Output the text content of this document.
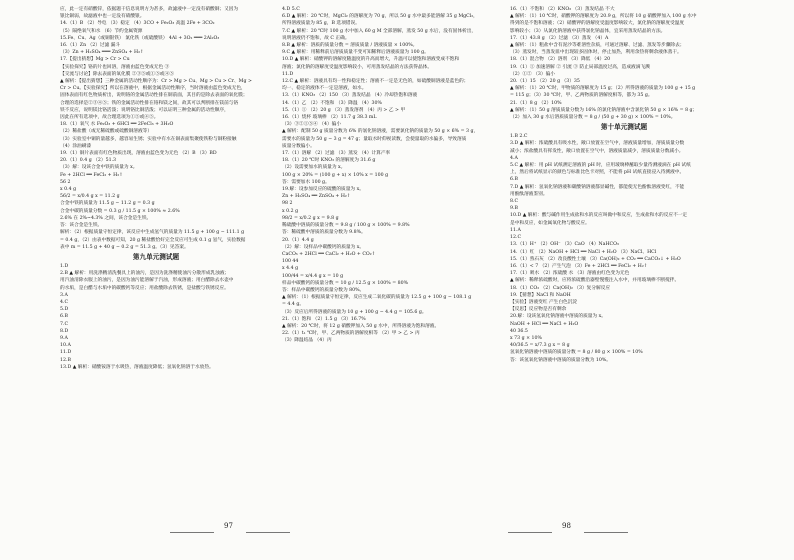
应，此一定有硝酸锌，依据题干信息说明方为甚多，故滤液中一定没有硝酸铜；又因为

银比铜弱，故滤液中也一定没有硝酸银。

14.（1）B （2）导电 （3）稳定 （4）3CO + Fe₂O₃ 高温 2Fe + 3CO₂

（5）隔绝氧气和水 （6）节约金属资源

15.Fe、Cu、Ag（或铜银铁） 氯化铁（或硫酸铁） 4Al + 3O₂ ═══ 2Al₂O₃

16.（1）Zn （2）过滤 漏斗

（3）Zn + H₂SO₄ ═══ ZnSO₄ + H₂↑

17.【提出猜想】Mg > Cr > Cu

【实验探究】铬的片也回溶，溶液由蓝色变成无色 ③

【交流与讨论】除去表面的氧化膜 ②③⑤或①⑤或④⑤

▲ 解析：【提出猜想】三种金属的活动性顺序为：Cr > Mg > Cu、Mg > Cu > Cr、Mg >

Cr > Cu。【实验探究】所以在溶液中，根据金属活动性顺序，当时溶液由蓝色变成无色，

固体表面有红色物质析出，说明铬的金属活动性排在铜前面，其目的是除去表面的氧化膜；

合理的选择是②③④⑤；铁的金属活动性排在铬和镁之间，故其可以判断排在镁前与铬

铁不反应，说明镁比铬活泼；说明铬比铜活泼；可以证明三种金属的活动性顺序，

因此在所有选项中，故合理选项为①⑤或④⑤。

18.（1）氧气 水 Fe₂O₃ + 6HCl ══ 2FeCl₃ + 3H₂O

（2）稀盐酸（或无稀硫酸或硫酸铜溶液等）

（3）实验室中铜的量越多，越容易生锈；实验中有水在铜表面集聚使铁粉与铜粉接触

（4）涂油刷漆

19.（1）铜片表面有红色物质出现，溶液由蓝色变为无色 （2）B （3）BD

20.（1）0.4 g （2）51.3

（3）解：设该合金中铁的质量为 x。

Fe + 2HCl ══ FeCl₂ + H₂↑

56 2

x 0.4 g

56/2 = x/0.4 g x = 11.2 g

合金中铁的质量为 11.5 g − 11.2 g = 0.3 g

合金中碳的质量分数 = 0.3 g / 11.5 g × 100% ≈ 2.6%

2.6% 在 2%~4.3% 之间，该合金是生铁。

答：该合金是生铁。

解析：（2）根据质量守恒定律，该反应中生成氢气的质量为 11.5 g + 100 g − 111.1 g

= 0.4 g，（2）由表中数据可知，20 g 稀盐酸恰好完全反应可生成 0.1 g 氢气，实验数据

表中 m = 11.5 g + 40 g − 0.2 g = 51.3 g。（3）见答案。

第九单元测试题

1.D

2.B ▲ 解析：用洗涤精清洗餐具上的油污，是因为洗涤精使油污分散形成乳浊液；

用汽油清除衣服上的油污，是因为油污能溶解于汽油，形成溶液；用白醋除去水壶中

的水垢，是白醋与水垢中的碳酸钙等反应；用盐酸除去铁锈，是盐酸与铁锈反应。

3.A

4.C

5.D

6.B

7.C

8.D

9.A

10.A

11.D

12.B

13.D ▲ 解析：硝酸铵溶于水吸热，溶液温度降低；氢氧化钠溶于水放热。

4.D 5.C

6.D ▲ 解析：20 ℃时，MgCl₂ 的溶解度为 70 g，所以 50 g 水中最多能溶解 35 g MgCl₂，

所得溶液质量为 85 g，B 选项错误。

7.C ▲ 解析：20 ℃时 100 g 水中加入 60 g M 全部溶解，蒸发 50 g 水后，没有固体析出，

说明溶液仍不饱和，故 C 正确。

8.B ▲ 解析：溶质的质量分数 = 溶质质量 / 溶液质量 × 100%。

9.C ▲ 解析：用稀释前后溶质质量不变可知稀释后溶液质量为 100 g。

10.D ▲ 解析：硝酸钾的溶解度随温度的升高而增大，升温可以使饱和溶液变成不饱和

溶液；氯化钠的溶解度受温度影响较小，可用蒸发结晶的方法获得晶体。

11.D

12.C ▲ 解析：溶液具有均一性和稳定性；溶液不一定是无色的，如硫酸铜溶液是蓝色的；

均一、稳定的液体不一定是溶液，如水。

13.（1）KNO₃ （2）150 （3）蒸发结晶 （4）冷却热饱和溶液

14.（1）乙 （2）不饱和 （3）降温 （4）30%

15.（1）① （2）20 g （3）蒸发溶剂 （4）丙 > 乙 > 甲

16.（1）烧杯 玻璃棒 （2）11.7 g 38.3 mL

（3）③②①⑤④ （4）偏小

▲ 解析：配制 50 g 质量分数为 6% 的氯化钠溶液，需要氯化钠的质量为 50 g × 6% = 3 g，

需要水的质量为 50 g − 3 g = 47 g；量取水时仰视读数，会使量取的水偏多，导致溶质

质量分数偏小。

17.（1）溶解 （2）过滤 （3）蒸发 （4）计算产率

18.（1）20 ℃时 KNO₃ 的溶解度为 31.6 g

（2）设需要加水的质量为 x。

100 g × 20% = (100 g + x) × 10% x = 100 g

答：需要加水 100 g。

19.解：设参加反应的硫酸的质量为 x。

Zn + H₂SO₄ ══ ZnSO₄ + H₂↑

98 2

x 0.2 g

98/2 = x/0.2 g x = 9.8 g

稀硫酸中溶质的质量分数 = 9.8 g / 100 g × 100% = 9.8%

答：稀硫酸中溶质的质量分数为 9.8%。

20.（1）4.4 g

（2）解：设样品中碳酸钙的质量为 x。

CaCO₃ + 2HCl ══ CaCl₂ + H₂O + CO₂↑

100 44

x 4.4 g

100/44 = x/4.4 g x = 10 g

样品中碳酸钙的质量分数 = 10 g / 12.5 g × 100% = 80%

答：样品中碳酸钙的质量分数为 80%。

▲ 解析：（1）根据质量守恒定律，反应生成二氧化碳的质量为 12.5 g + 100 g − 108.1 g

= 4.4 g。

（3）反应后所得溶液的质量为 10 g + 100 g − 4.4 g = 105.6 g。

21.（1）饱和 （2）1.5 g （3）16.7%

▲ 解析：20 ℃时，将 12 g 硝酸钾加入 50 g 水中，所得溶液为饱和溶液。

22.（1）t₁ ℃时，甲、乙两物质的溶解度相等 （2）甲 > 乙 > 丙

（3）降温结晶 （4）丙

16.（1）不饱和 （2）KNO₃ （3）蒸发结晶 不大

▲ 解析：（1）10 ℃时，硝酸钾的溶解度为 20.9 g，所以将 10 g 硝酸钾加入 100 g 水中

得到的是不饱和溶液；（2）硝酸钾的溶解度受温度影响较大，氯化钠的溶解度受温度

影响较小；（3）从氯化钠溶液中获得氯化钠晶体，宜采用蒸发结晶的方法。

17.（1）43.8 g （2）过滤 （3）蒸发 （4）A

▲ 解析：（1）粗盐中含有泥沙等难溶性杂质，可通过溶解、过滤、蒸发等步骤除去；

（3）蒸发时，当蒸发皿中出现较多固体时，停止加热，利用余热将剩余液体蒸干。

18.（1）混合物 （2）溶剂 （3）降低 （4）20

19.（1）① 加速溶解 ② 引流 ③ 防止局部温度过高，造成液滴飞溅

（2）①② （3）偏小

20.（1）15 （2）20 g （3）35

▲ 解析：（1）20 ℃时，甲物质的溶解度为 15 g；（2）所得溶液的质量为 100 g + 15 g

= 115 g；（3）30 ℃时，甲、乙两物质的溶解度相等，都为 35 g。

21.（1）8 g （2）10%

▲ 解析：（1）50 g 溶质质量分数为 16% 的氯化钠溶液中含氯化钠 50 g × 16% = 8 g；

（2）加入 30 g 水后溶质质量分数 = 8 g / (50 g + 30 g) × 100% = 10%。

第十单元测试题

1.B 2.C

3.D ▲ 解析：浓硫酸具有吸水性，敞口放置在空气中，溶液质量增加，溶质质量分数

减小；浓盐酸具有挥发性，敞口放置在空气中，溶液质量减少，溶质质量分数减小。

4.A

5.C ▲ 解析：用 pH 试纸测定溶液的 pH 时，应用玻璃棒蘸取少量待测液滴在 pH 试纸

上，然后将试纸显示的颜色与标准比色卡对照，不能将 pH 试纸直接浸入待测液中。

6.B

7.D ▲ 解析：氢氧化钠溶液和碳酸钠溶液都显碱性，都能使无色酚酞溶液变红，不能

用酚酞溶液鉴别。

8.C

9.B

10.D ▲ 解析：酸与碱作用生成盐和水的反应叫做中和反应，生成盐和水的反应不一定

是中和反应，如金属氧化物与酸反应。

11.A

12.C

13.（1）H⁺ （2）OH⁻ （3）CaO （4）NaHCO₃

14.（1）红 （2）NaOH + HCl ══ NaCl + H₂O （3）NaCl、HCl

15.（1）熟石灰 （2）改良酸性土壤 （3）Ca(OH)₂ + CO₂ ══ CaCO₃↓ + H₂O

16.（1）< 7 （2）产生气泡 （3）Fe + 2HCl ══ FeCl₂ + H₂↑

17.（1）吸水 （2）浓硫酸 水 （3）溶液由红色变为无色

▲ 解析：稀释浓硫酸时，应将浓硫酸沿器壁慢慢注入水中，并用玻璃棒不断搅拌。

18.（1）CO₂ （2）Ca(OH)₂ （3）复分解反应

19.【猜想】NaCl 和 NaOH

【实验】溶液变红 产生白色沉淀

【反思】反应物是否有剩余

20.解：设该氢氧化钠溶液中溶质的质量为 x。

NaOH + HCl ══ NaCl + H₂O

40 36.5

x 73 g × 10%

40/36.5 = x/7.3 g x = 8 g

氢氧化钠溶液中溶质的质量分数 = 8 g / 80 g × 100% = 10%

答：该氢氧化钠溶液中溶质的质量分数为 10%。

97	98
